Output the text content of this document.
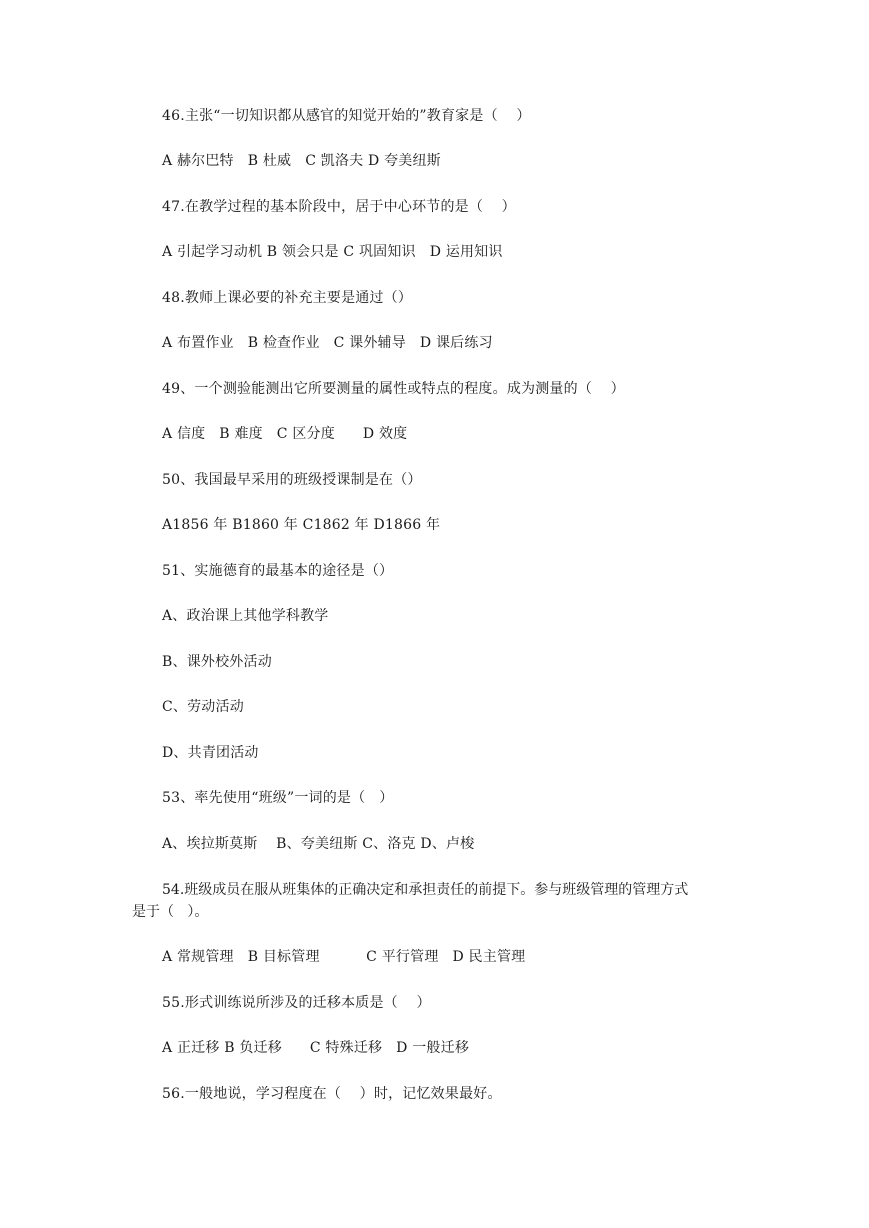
46.主张“一切知识都从感官的知觉开始的”教育家是（    ）
A 赫尔巴特   B 杜威   C 凯洛夫 D 夸美纽斯
47.在教学过程的基本阶段中，居于中心环节的是（    ）
A 引起学习动机 B 领会只是 C 巩固知识   D 运用知识
48.教师上课必要的补充主要是通过（）
A 布置作业   B 检查作业   C 课外辅导   D 课后练习
49、一个测验能测出它所要测量的属性或特点的程度。成为测量的（    ）
A 信度   B 难度   C 区分度      D 效度
50、我国最早采用的班级授课制是在（）
A1856 年 B1860 年 C1862 年 D1866 年
51、实施德育的最基本的途径是（）
A、政治课上其他学科教学
B、课外校外活动
C、劳动活动
D、共青团活动
53、率先使用“班级”一词的是（   ）
A、埃拉斯莫斯    B、夸美纽斯 C、洛克 D、卢梭
54.班级成员在服从班集体的正确决定和承担责任的前提下。参与班级管理的管理方式
是于（   ）。
A 常规管理   B 目标管理          C 平行管理   D 民主管理
55.形式训练说所涉及的迁移本质是（    ）
A 正迁移 B 负迁移      C 特殊迁移   D 一般迁移
56.一般地说，学习程度在（    ）时，记忆效果最好。
